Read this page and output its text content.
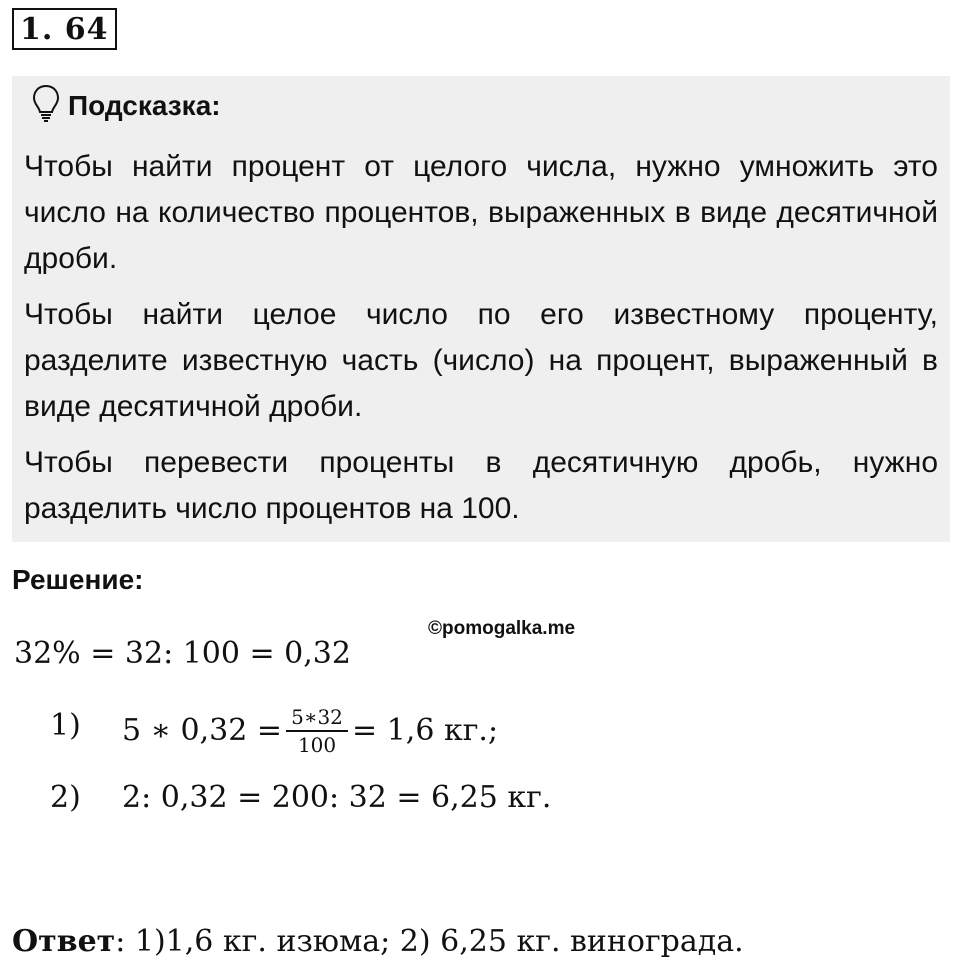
1. 64
Подсказка:
Чтобы найти процент от целого числа, нужно умножить это число на количество процентов, выраженных в виде десятичной дроби.
Чтобы найти целое число по его известному проценту, разделите известную часть (число) на процент, выраженный в виде десятичной дроби.
Чтобы перевести проценты в десятичную дробь, нужно разделить число процентов на 100.
Решение:
©pomogalka.me
32% = 32: 100 = 0,32
1) 5 ∗ $0,32 = \frac{5∗32}{100} = 1,6$ кг.;
2) 2: 0,32 = 200: 32 = 6,25 кг.
Ответ: 1)1,6 кг. изюма; 2) 6,25 кг. винограда.
